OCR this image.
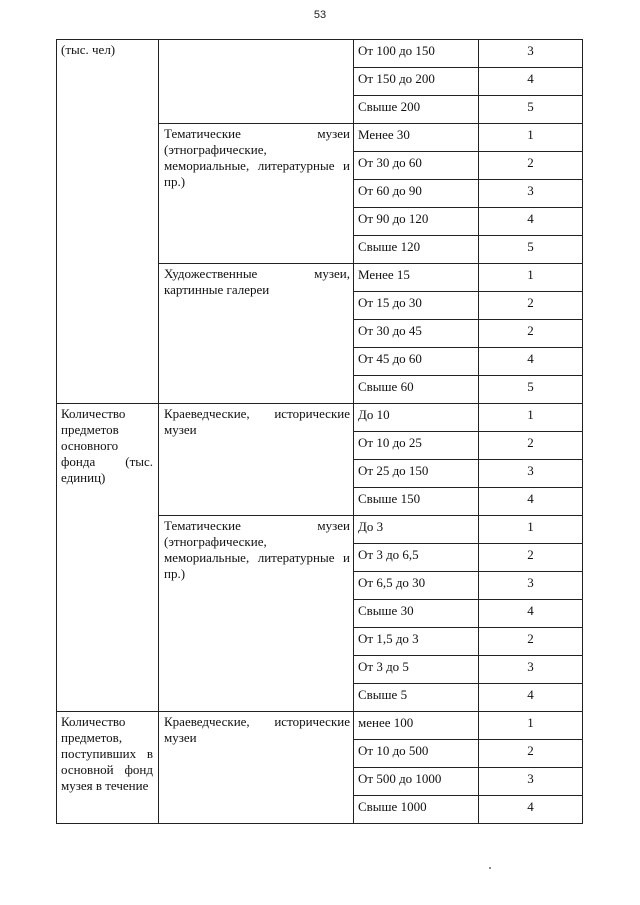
53
(тыс. чел)		От 100 до 150	3

		От 150 до 200	4

		Свыше 200	5

	Тематические музеи (этнографические, мемориальные, литературные и пр.)	Менее 30	1

		От 30 до 60	2

		От 60 до 90	3

		От 90 до 120	4

		Свыше 120	5

	Художественные музеи, картинные галереи	Менее 15	1

		От 15 до 30	2

		От 30 до 45	2

		От 45 до 60	4

		Свыше 60	5

Количество предметов основного фонда (тыс. единиц)	Краеведческие, исторические музеи	До 10	1

		От 10 до 25	2

		От 25 до 150	3

		Свыше 150	4

	Тематические музеи (этнографические, мемориальные, литературные и пр.)	До 3	1

		От 3 до 6,5	2

		От 6,5 до 30	3

		Свыше 30	4

		От 1,5 до 3	2

		От 3 до 5	3

		Свыше 5	4

Количество предметов, поступивших в основной фонд музея в течение	Краеведческие, исторические музеи	менее 100	1

		От 10 до 500	2

		От 500 до 1000	3

		Свыше 1000	4
